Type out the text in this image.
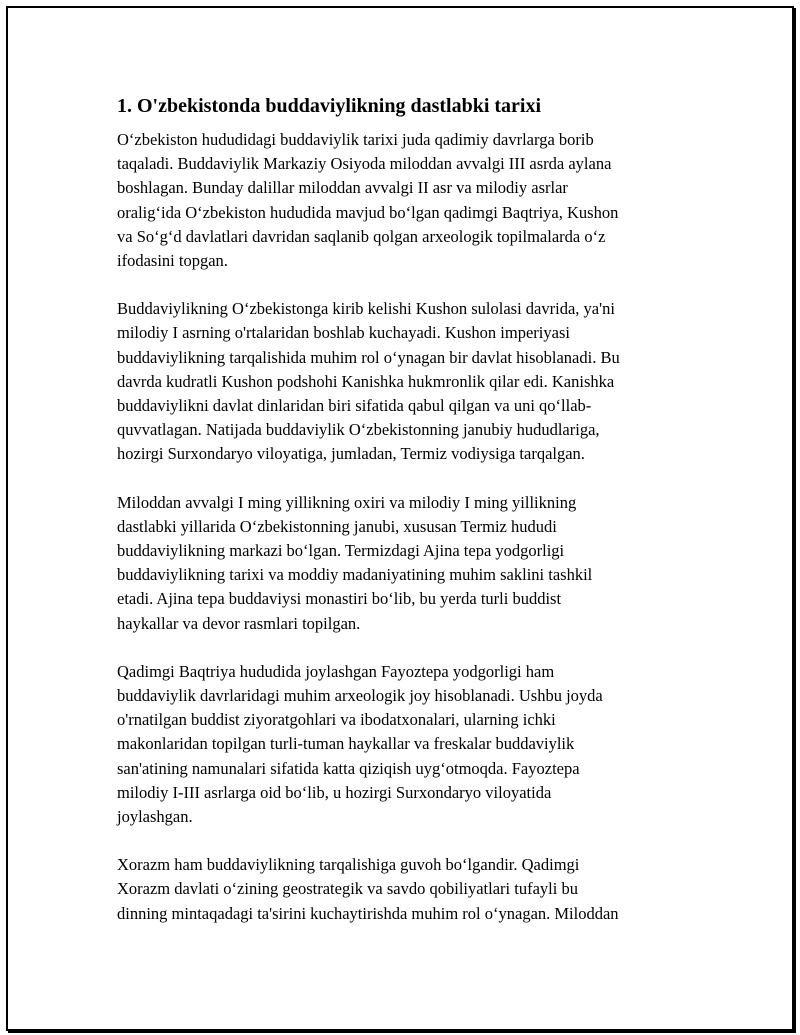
1. O'zbekistonda buddaviylikning dastlabki tarixi

O‘zbekiston hududidagi buddaviylik tarixi juda qadimiy davrlarga borib
taqaladi. Buddaviylik Markaziy Osiyoda miloddan avvalgi III asrda aylana
boshlagan. Bunday dalillar miloddan avvalgi II asr va milodiy asrlar
oralig‘ida O‘zbekiston hududida mavjud bo‘lgan qadimgi Baqtriya, Kushon
va So‘g‘d davlatlari davridan saqlanib qolgan arxeologik topilmalarda o‘z
ifodasini topgan.

Buddaviylikning O‘zbekistonga kirib kelishi Kushon sulolasi davrida, ya'ni
milodiy I asrning o'rtalaridan boshlab kuchayadi. Kushon imperiyasi
buddaviylikning tarqalishida muhim rol o‘ynagan bir davlat hisoblanadi. Bu
davrda kudratli Kushon podshohi Kanishka hukmronlik qilar edi. Kanishka
buddaviylikni davlat dinlaridan biri sifatida qabul qilgan va uni qo‘llab-
quvvatlagan. Natijada buddaviylik O‘zbekistonning janubiy hududlariga,
hozirgi Surxondaryo viloyatiga, jumladan, Termiz vodiysiga tarqalgan.

Miloddan avvalgi I ming yillikning oxiri va milodiy I ming yillikning
dastlabki yillarida O‘zbekistonning janubi, xususan Termiz hududi
buddaviylikning markazi bo‘lgan. Termizdagi Ajina tepa yodgorligi
buddaviylikning tarixi va moddiy madaniyatining muhim saklini tashkil
etadi. Ajina tepa buddaviysi monastiri bo‘lib, bu yerda turli buddist
haykallar va devor rasmlari topilgan.

Qadimgi Baqtriya hududida joylashgan Fayoztepa yodgorligi ham
buddaviylik davrlaridagi muhim arxeologik joy hisoblanadi. Ushbu joyda
o'rnatilgan buddist ziyoratgohlari va ibodatxonalari, ularning ichki
makonlaridan topilgan turli-tuman haykallar va freskalar buddaviylik
san'atining namunalari sifatida katta qiziqish uyg‘otmoqda. Fayoztepa
milodiy I-III asrlarga oid bo‘lib, u hozirgi Surxondaryo viloyatida
joylashgan.

Xorazm ham buddaviylikning tarqalishiga guvoh bo‘lgandir. Qadimgi
Xorazm davlati o‘zining geostrategik va savdo qobiliyatlari tufayli bu
dinning mintaqadagi ta'sirini kuchaytirishda muhim rol o‘ynagan. Miloddan
